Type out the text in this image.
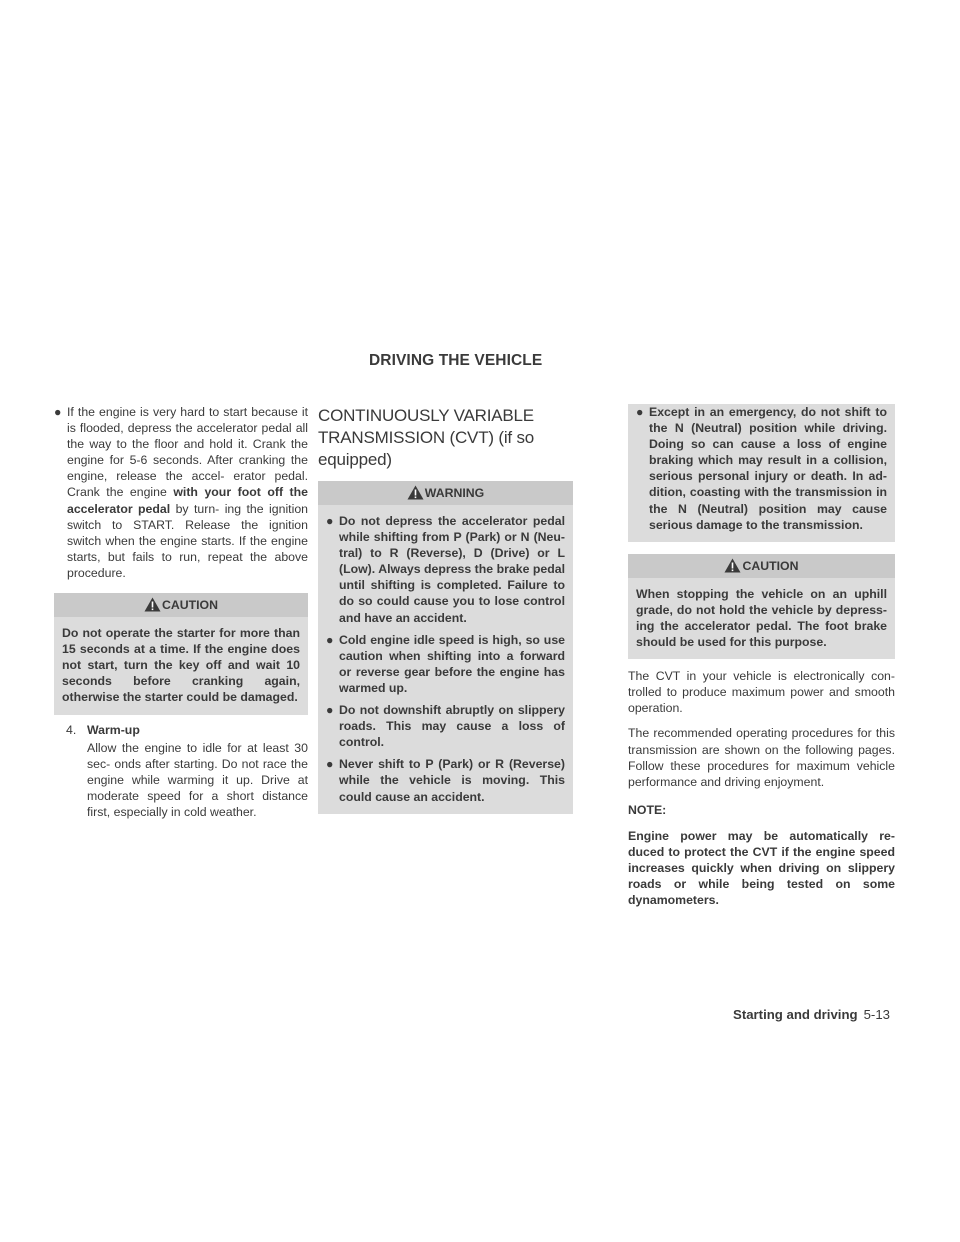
DRIVING THE VEHICLE
● If the engine is very hard to start because it is flooded, depress the accelerator pedal all the way to the floor and hold it. Crank the engine for 5-6 seconds. After cranking the engine, release the accel- erator pedal. Crank the engine with your foot off the accelerator pedal by turn- ing the ignition switch to START. Release the ignition switch when the engine starts. If the engine starts, but fails to run, repeat the above procedure.
CAUTION
Do not operate the starter for more than 15 seconds at a time. If the engine does not start, turn the key off and wait 10 seconds before cranking again, otherwise the starter could be damaged.
4. Warm-up
Allow the engine to idle for at least 30 sec- onds after starting. Do not race the engine while warming it up. Drive at moderate speed for a short distance first, especially in cold weather.
CONTINUOUSLY VARIABLE TRANSMISSION (CVT) (if so equipped)
WARNING
● Do not depress the accelerator pedal while shifting from P (Park) or N (Neu- tral) to R (Reverse), D (Drive) or L (Low). Always depress the brake pedal until shifting is completed. Failure to do so could cause you to lose control and have an accident.
● Cold engine idle speed is high, so use caution when shifting into a forward or reverse gear before the engine has warmed up.
● Do not downshift abruptly on slippery roads. This may cause a loss of control.
● Never shift to P (Park) or R (Reverse) while the vehicle is moving. This could cause an accident.
● Except in an emergency, do not shift to the N (Neutral) position while driving. Doing so can cause a loss of engine braking which may result in a collision, serious personal injury or death. In ad- dition, coasting with the transmission in the N (Neutral) position may cause serious damage to the transmission.
CAUTION
When stopping the vehicle on an uphill grade, do not hold the vehicle by depress- ing the accelerator pedal. The foot brake should be used for this purpose.

The CVT in your vehicle is electronically con- trolled to produce maximum power and smooth operation.

The recommended operating procedures for this transmission are shown on the following pages. Follow these procedures for maximum vehicle performance and driving enjoyment.

NOTE:

Engine power may be automatically re- duced to protect the CVT if the engine speed increases quickly when driving on slippery roads or while being tested on some dynamometers.

Starting and driving 5-13
